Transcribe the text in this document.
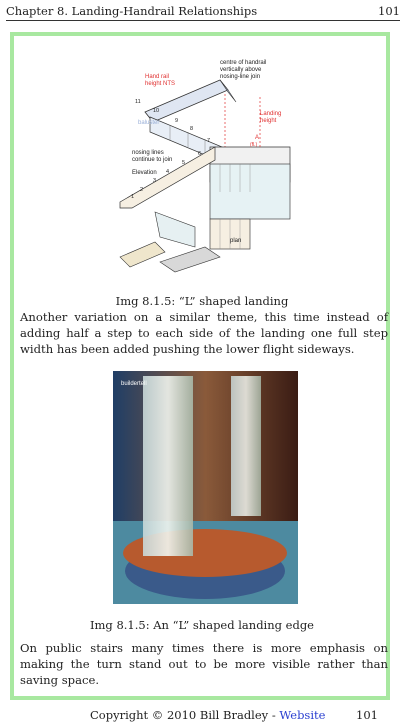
Chapter 8. Landing-Handrail Relationships	101
centre of handrail
vertically above
nosing-line join
Hand rail
height NTS
baluster
Landing
height
A
(fl.)
nosing lines
continue to join
Elevation
plan
1
2
3
4
5
6
7
8
9
10
11
Img 8.1.5: “L” shaped landing

Another variation on a similar theme, this time instead of adding half a step to each side of the landing one full step width has been added pushing the lower flight sideways.

buildertell
Img 8.1.5: An “L” shaped landing edge

On public stairs many times there is more emphasis on making the turn stand out to be more visible rather than saving space.

Copyright © 2010 Bill Bradley - Website	101
